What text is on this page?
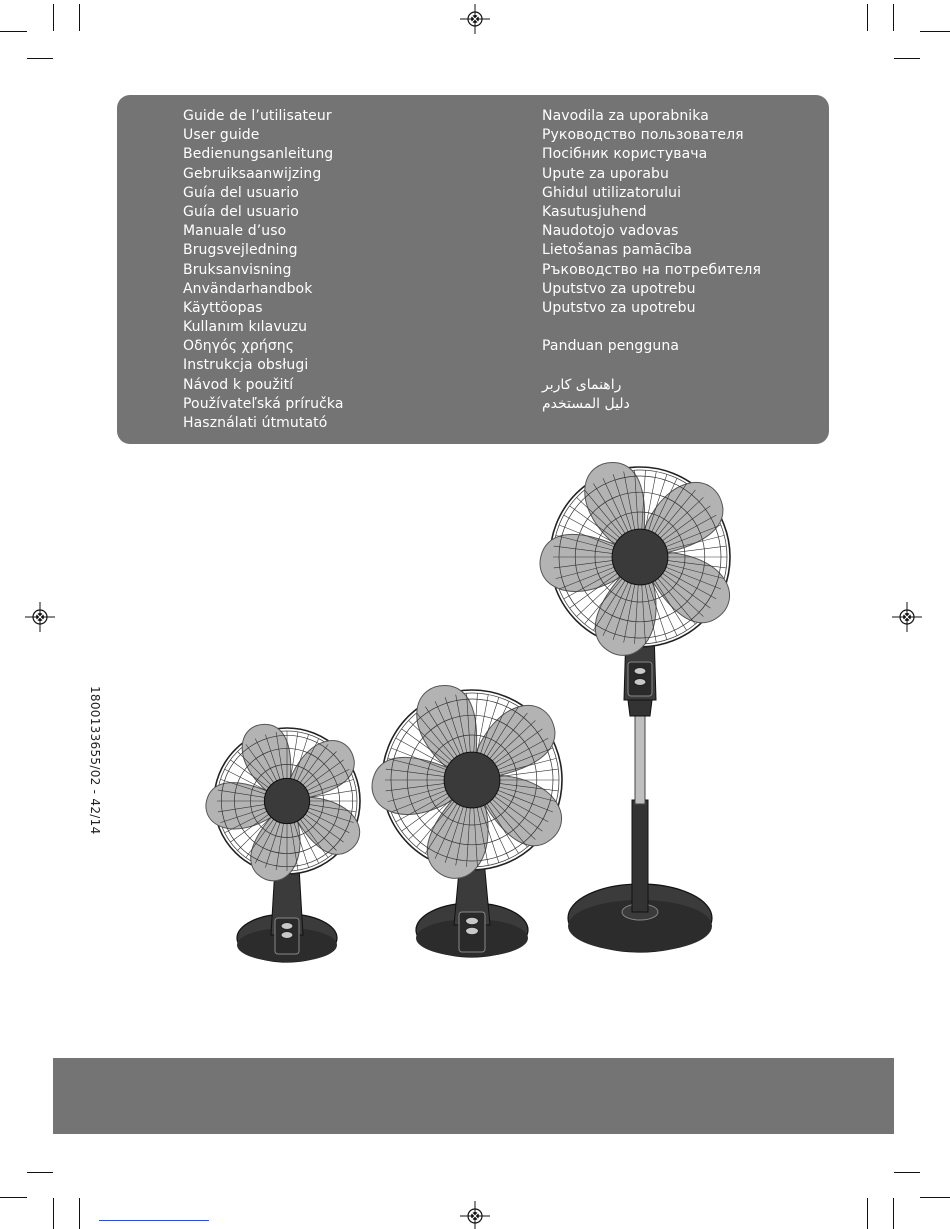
Guide de l’utilisateur
User guide
Bedienungsanleitung
Gebruiksaanwijzing
Guía del usuario
Guía del usuario
Manuale d’uso
Brugsvejledning
Bruksanvisning
Användarhandbok
Käyttöopas
Kullanım kılavuzu
Οδηγός χρήσης
Instrukcja obsługi
Návod k použití
Používateľská príručka
Használati útmutató
Navodila za uporabnika
Руководство пользователя
Посібник користувача
Upute za uporabu
Ghidul utilizatorului
Kasutusjuhend
Naudotojo vadovas
Lietošanas pamācība
Ръководство на потребителя
Uputstvo za upotrebu
Uputstvo za upotrebu
Panduan pengguna
راهنمای کاربر
دليل المستخدم
1800133655/02 - 42/14
